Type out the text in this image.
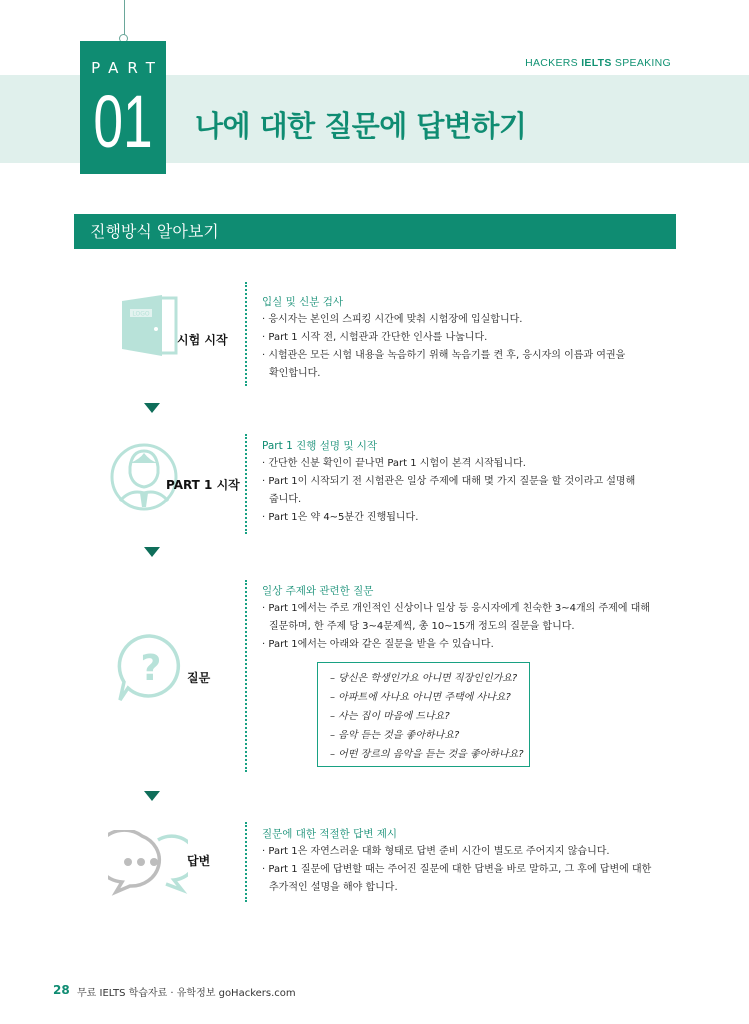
PART
01
HACKERS IELTS SPEAKING
나에 대한 질문에 답변하기
진행방식 알아보기
LOGO
시험 시작
입실 및 신분 검사
· 응시자는 본인의 스피킹 시간에 맞춰 시험장에 입실합니다.
· Part 1 시작 전, 시험관과 간단한 인사를 나눕니다.
· 시험관은 모든 시험 내용을 녹음하기 위해 녹음기를 켠 후, 응시자의 이름과 여권을
확인합니다.
PART 1 시작
Part 1 진행 설명 및 시작
· 간단한 신분 확인이 끝나면 Part 1 시험이 본격 시작됩니다.
· Part 1이 시작되기 전 시험관은 일상 주제에 대해 몇 가지 질문을 할 것이라고 설명해
줍니다.
· Part 1은 약 4~5분간 진행됩니다.
? 질문
일상 주제와 관련한 질문
· Part 1에서는 주로 개인적인 신상이나 일상 등 응시자에게 친숙한 3~4개의 주제에 대해
질문하며, 한 주제 당 3~4문제씩, 총 10~15개 정도의 질문을 합니다.
· Part 1에서는 아래와 같은 질문을 받을 수 있습니다.
– 당신은 학생인가요 아니면 직장인인가요?
– 아파트에 사나요 아니면 주택에 사나요?
– 사는 집이 마음에 드나요?
– 음악 듣는 것을 좋아하나요?
– 어떤 장르의 음악을 듣는 것을 좋아하나요?
답변
질문에 대한 적절한 답변 제시
· Part 1은 자연스러운 대화 형태로 답변 준비 시간이 별도로 주어지지 않습니다.
· Part 1 질문에 답변할 때는 주어진 질문에 대한 답변을 바로 말하고, 그 후에 답변에 대한
추가적인 설명을 해야 합니다.
28 무료 IELTS 학습자료 · 유학정보 goHackers.com
